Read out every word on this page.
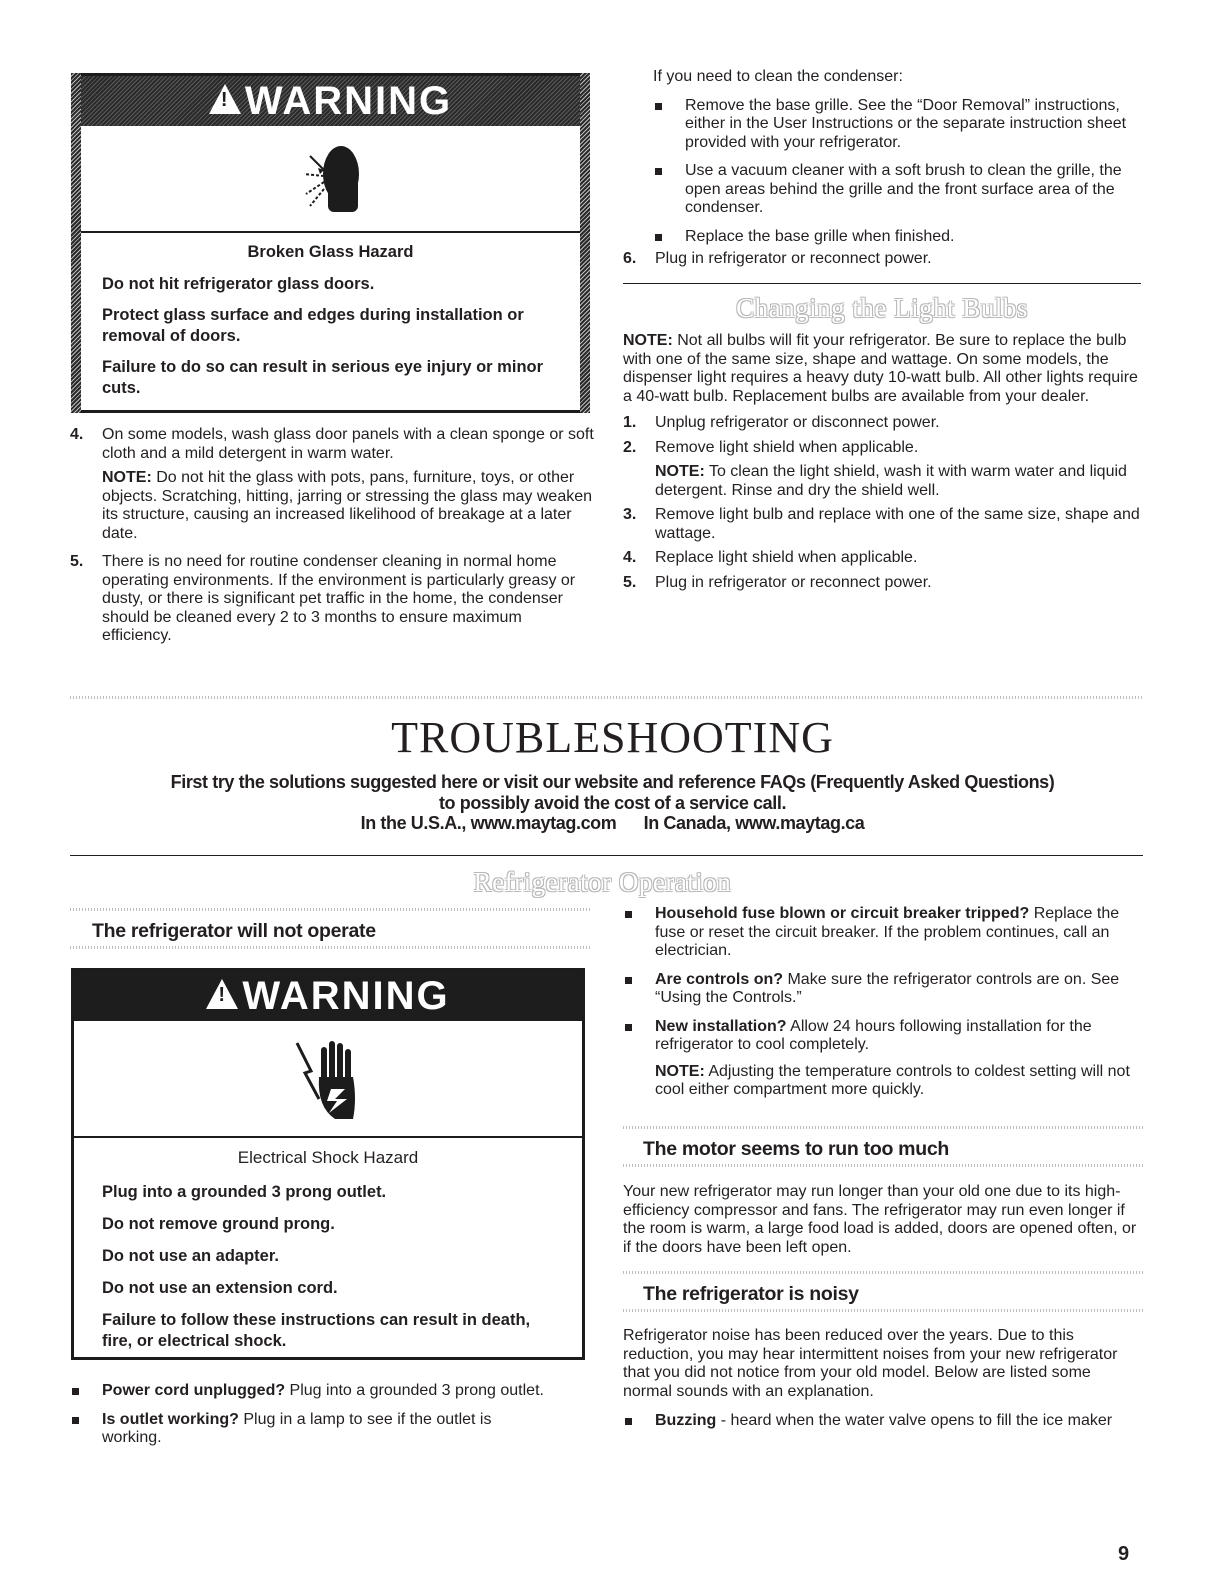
!
WARNING

Broken Glass Hazard

Do not hit refrigerator glass doors.

Protect glass surface and edges during installation or removal of doors.

Failure to do so can result in serious eye injury or minor cuts.

4. On some models, wash glass door panels with a clean sponge or soft cloth and a mild detergent in warm water.

NOTE: Do not hit the glass with pots, pans, furniture, toys, or other objects. Scratching, hitting, jarring or stressing the glass may weaken its structure, causing an increased likelihood of breakage at a later date.

5. There is no need for routine condenser cleaning in normal home operating environments. If the environment is particularly greasy or dusty, or there is significant pet traffic in the home, the condenser should be cleaned every 2 to 3 months to ensure maximum efficiency.

If you need to clean the condenser:

Remove the base grille. See the “Door Removal” instructions, either in the User Instructions or the separate instruction sheet provided with your refrigerator.
Use a vacuum cleaner with a soft brush to clean the grille, the open areas behind the grille and the front surface area of the condenser.
Replace the base grille when finished.
6. Plug in refrigerator or reconnect power.

Changing the Light Bulbs

NOTE: Not all bulbs will fit your refrigerator. Be sure to replace the bulb with one of the same size, shape and wattage. On some models, the dispenser light requires a heavy duty 10-watt bulb. All other lights require a 40-watt bulb. Replacement bulbs are available from your dealer.

1. Unplug refrigerator or disconnect power.

2. Remove light shield when applicable.

NOTE: To clean the light shield, wash it with warm water and liquid detergent. Rinse and dry the shield well.

3. Remove light bulb and replace with one of the same size, shape and wattage.

4. Replace light shield when applicable.

5. Plug in refrigerator or reconnect power.

TROUBLESHOOTING

First try the solutions suggested here or visit our website and reference FAQs (Frequently Asked Questions)

to possibly avoid the cost of a service call.

In the U.S.A., www.maytag.com In Canada, www.maytag.ca

Refrigerator Operation
The refrigerator will not operate
!
WARNING

Electrical Shock Hazard

Plug into a grounded 3 prong outlet.

Do not remove ground prong.

Do not use an adapter.

Do not use an extension cord.

Failure to follow these instructions can result in death, fire, or electrical shock.

Power cord unplugged? Plug into a grounded 3 prong outlet.
Is outlet working? Plug in a lamp to see if the outlet is working.
Household fuse blown or circuit breaker tripped? Replace the fuse or reset the circuit breaker. If the problem continues, call an electrician.
Are controls on? Make sure the refrigerator controls are on. See “Using the Controls.”
New installation? Allow 24 hours following installation for the refrigerator to cool completely.

NOTE: Adjusting the temperature controls to coldest setting will not cool either compartment more quickly.

The motor seems to run too much

Your new refrigerator may run longer than your old one due to its high-efficiency compressor and fans. The refrigerator may run even longer if the room is warm, a large food load is added, doors are opened often, or if the doors have been left open.

The refrigerator is noisy

Refrigerator noise has been reduced over the years. Due to this reduction, you may hear intermittent noises from your new refrigerator that you did not notice from your old model. Below are listed some normal sounds with an explanation.

Buzzing - heard when the water valve opens to fill the ice maker
9
